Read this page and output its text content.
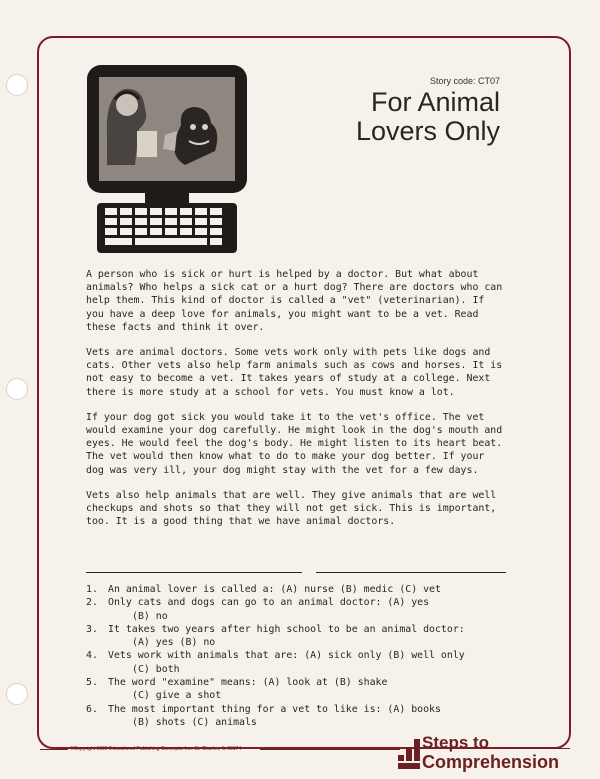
Story code: CT07
For Animal
Lovers Only

A person who is sick or hurt is helped by a doctor. But what about animals? Who helps a sick cat or a hurt dog? There are doctors who can help them. This kind of doctor is called a "vet" (veterinarian). If you have a deep love for animals, you might want to be a vet. Read these facts and think it over.

Vets are animal doctors. Some vets work only with pets like dogs and cats. Other vets also help farm animals such as cows and horses. It is not easy to become a vet. It takes years of study at a college. Next there is more study at a school for vets. You must know a lot.

If your dog got sick you would take it to the vet's office. The vet would examine your dog carefully. He might look in the dog's mouth and eyes. He would feel the dog's body. He might listen to its heart beat. The vet would then know what to do to make your dog better. If your dog was very ill, your dog might stay with the vet for a few days.

Vets also help animals that are well. They give animals that are well checkups and shots so that they will not get sick. This is important, too. It is a good thing that we have animal doctors.

1.	An animal lover is called a: (A) nurse (B) medic (C) vet
2.	Only cats and dogs can go to an animal doctor: (A) yes
(B) no
3.	It takes two years after high school to be an animal doctor:
(A) yes (B) no
4.	Vets work with animals that are: (A) sick only (B) well only
(C) both
5.	The word "examine" means: (A) look at (B) shake
(C) give a shot
6.	The most important thing for a vet to like is: (A) books
(B) shots (C) animals
©Copyright 1986 Educational Publishing Concepts, Inc. St. Charles, IL 60174	Steps to
Comprehension
